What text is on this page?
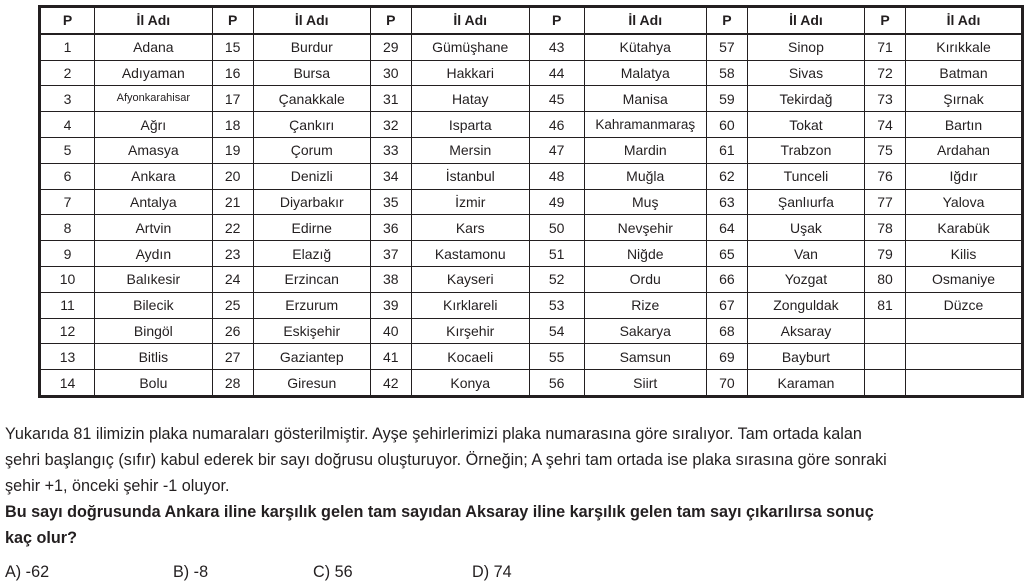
P	İl Adı	P	İl Adı	P	İl Adı	P	İl Adı	P	İl Adı	P	İl Adı
1	Adana	15	Burdur	29	Gümüşhane	43	Kütahya	57	Sinop	71	Kırıkkale
2	Adıyaman	16	Bursa	30	Hakkari	44	Malatya	58	Sivas	72	Batman
3	Afyonkarahisar	17	Çanakkale	31	Hatay	45	Manisa	59	Tekirdağ	73	Şırnak
4	Ağrı	18	Çankırı	32	Isparta	46	Kahramanmaraş	60	Tokat	74	Bartın
5	Amasya	19	Çorum	33	Mersin	47	Mardin	61	Trabzon	75	Ardahan
6	Ankara	20	Denizli	34	İstanbul	48	Muğla	62	Tunceli	76	Iğdır
7	Antalya	21	Diyarbakır	35	İzmir	49	Muş	63	Şanlıurfa	77	Yalova
8	Artvin	22	Edirne	36	Kars	50	Nevşehir	64	Uşak	78	Karabük
9	Aydın	23	Elazığ	37	Kastamonu	51	Niğde	65	Van	79	Kilis
10	Balıkesir	24	Erzincan	38	Kayseri	52	Ordu	66	Yozgat	80	Osmaniye
11	Bilecik	25	Erzurum	39	Kırklareli	53	Rize	67	Zonguldak	81	Düzce
12	Bingöl	26	Eskişehir	40	Kırşehir	54	Sakarya	68	Aksaray		
13	Bitlis	27	Gaziantep	41	Kocaeli	55	Samsun	69	Bayburt		
14	Bolu	28	Giresun	42	Konya	56	Siirt	70	Karaman		

Yukarıda 81 ilimizin plaka numaraları gösterilmiştir. Ayşe şehirlerimizi plaka numarasına göre sıralıyor. Tam ortada kalan

şehri başlangıç (sıfır) kabul ederek bir sayı doğrusu oluşturuyor. Örneğin; A şehri tam ortada ise plaka sırasına göre sonraki

şehir +1, önceki şehir -1 oluyor.

Bu sayı doğrusunda Ankara iline karşılık gelen tam sayıdan Aksaray iline karşılık gelen tam sayı çıkarılırsa sonuç

kaç olur?

A) -62	B) -8	C) 56	D) 74
